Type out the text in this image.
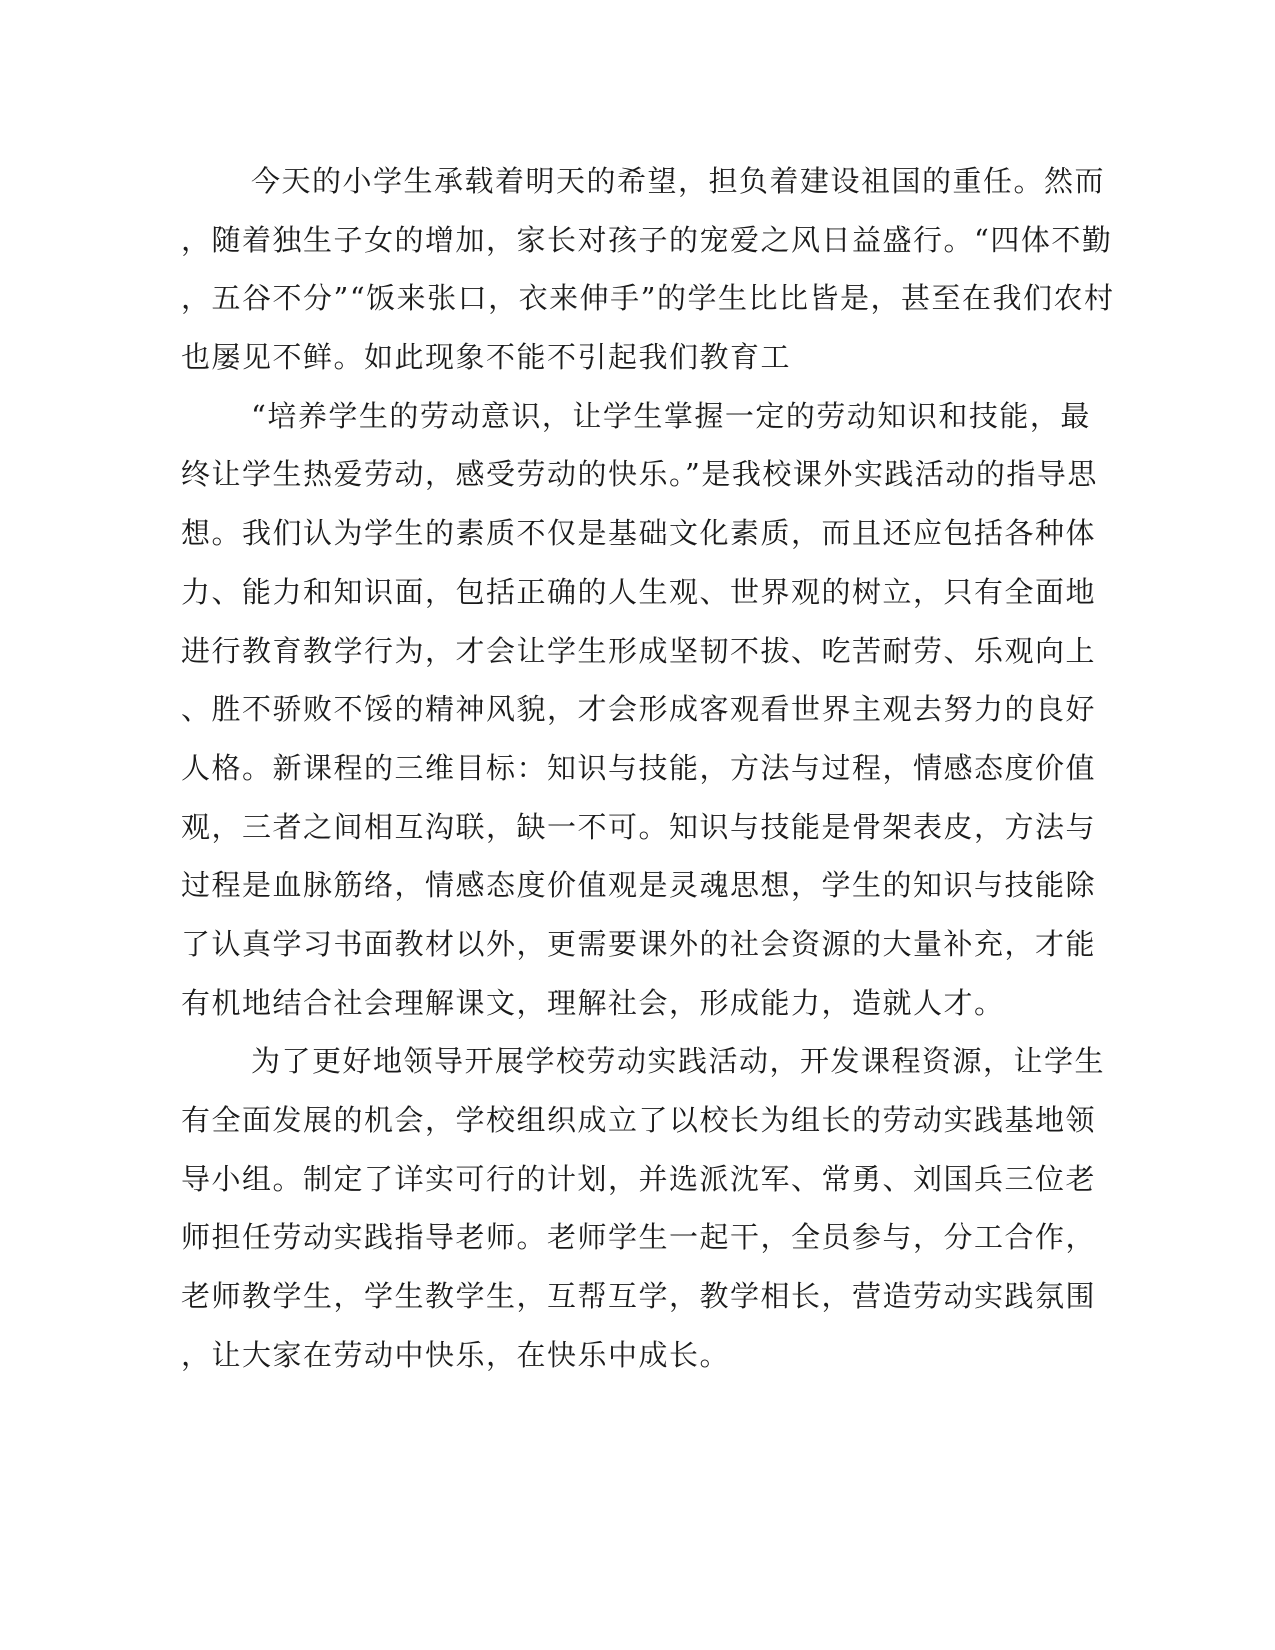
今天的小学生承载着明天的希望，担负着建设祖国的重任。然而
，随着独生子女的增加，家长对孩子的宠爱之风日益盛行。“四体不勤
，五谷不分”“饭来张口，衣来伸手”的学生比比皆是，甚至在我们农村
也屡见不鲜。如此现象不能不引起我们教育工
“培养学生的劳动意识，让学生掌握一定的劳动知识和技能，最
终让学生热爱劳动，感受劳动的快乐。”是我校课外实践活动的指导思
想。我们认为学生的素质不仅是基础文化素质，而且还应包括各种体
力、能力和知识面，包括正确的人生观、世界观的树立，只有全面地
进行教育教学行为，才会让学生形成坚韧不拔、吃苦耐劳、乐观向上
、胜不骄败不馁的精神风貌，才会形成客观看世界主观去努力的良好
人格。新课程的三维目标：知识与技能，方法与过程，情感态度价值
观，三者之间相互沟联，缺一不可。知识与技能是骨架表皮，方法与
过程是血脉筋络，情感态度价值观是灵魂思想，学生的知识与技能除
了认真学习书面教材以外，更需要课外的社会资源的大量补充，才能
有机地结合社会理解课文，理解社会，形成能力，造就人才。
为了更好地领导开展学校劳动实践活动，开发课程资源，让学生
有全面发展的机会，学校组织成立了以校长为组长的劳动实践基地领
导小组。制定了详实可行的计划，并选派沈军、常勇、刘国兵三位老
师担任劳动实践指导老师。老师学生一起干，全员参与，分工合作，
老师教学生，学生教学生，互帮互学，教学相长，营造劳动实践氛围
，让大家在劳动中快乐，在快乐中成长。
